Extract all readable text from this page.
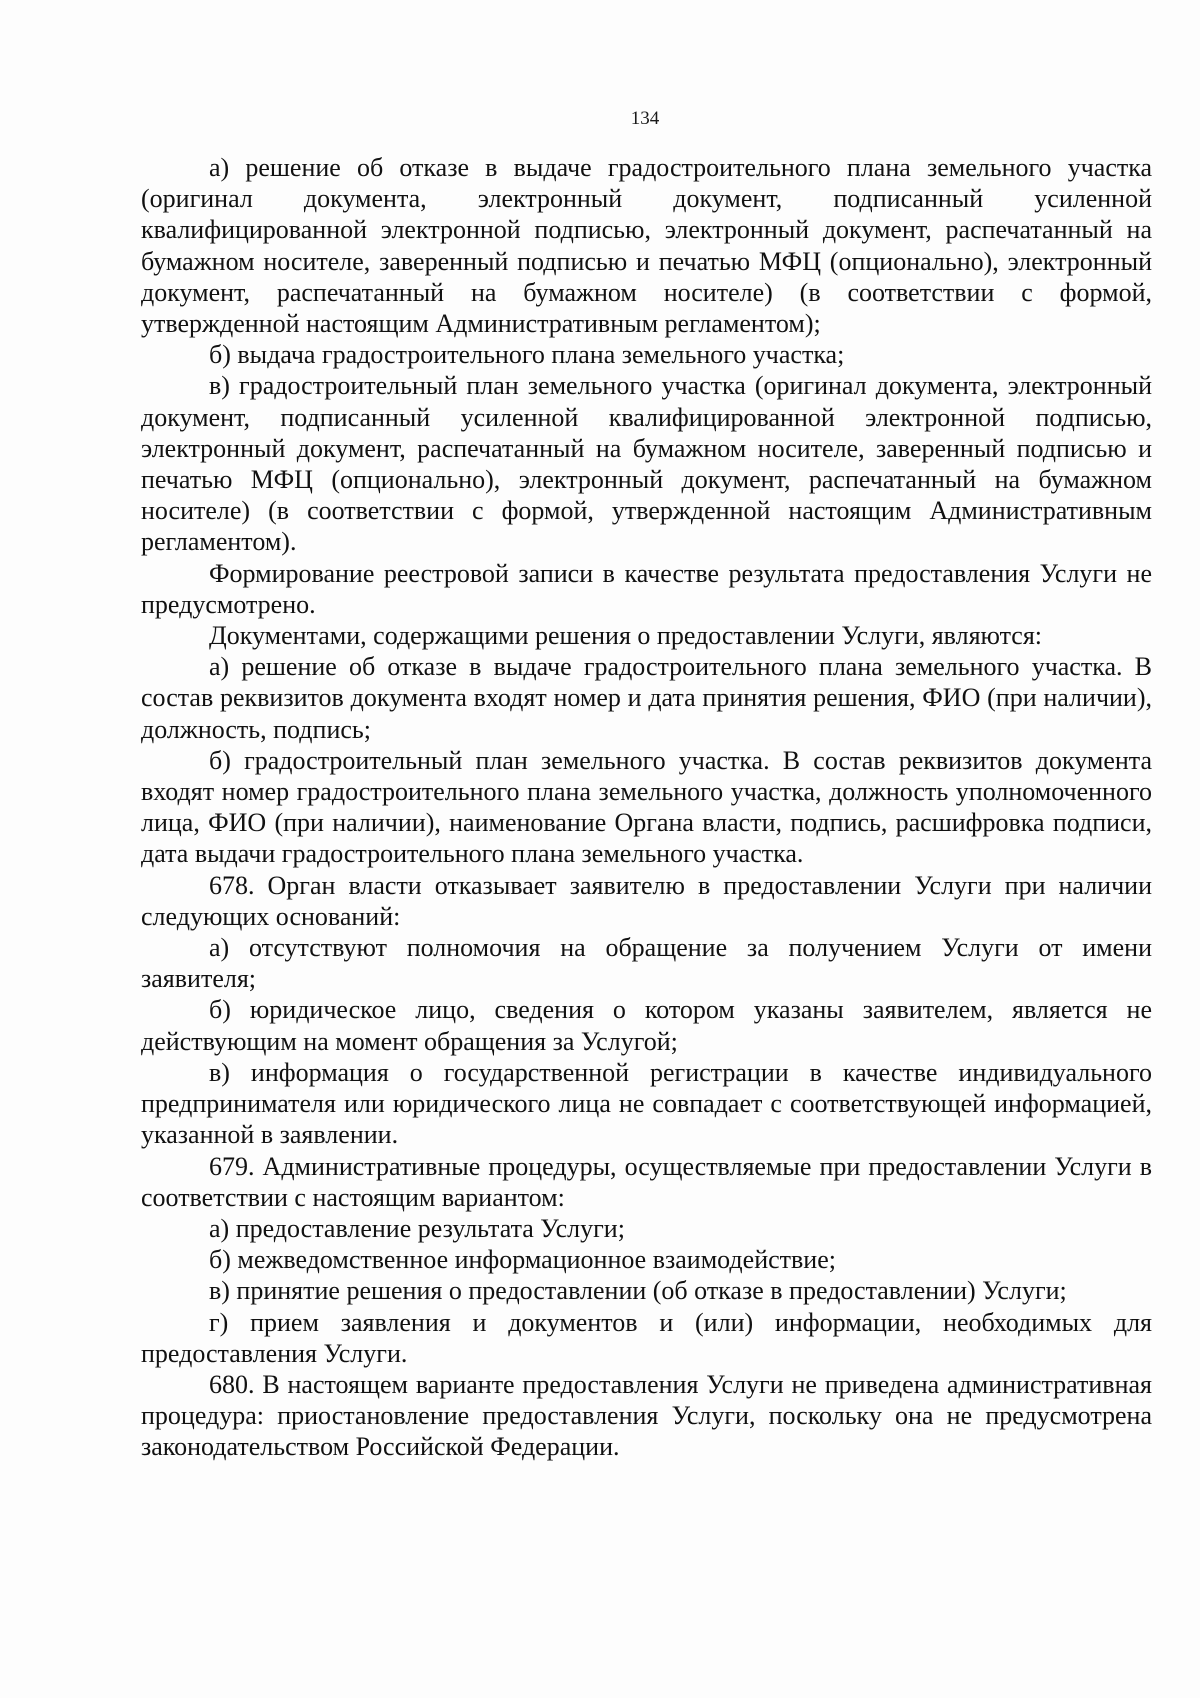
134

а) решение об отказе в выдаче градостроительного плана земельного участка (оригинал документа, электронный документ, подписанный усиленной квалифицированной электронной подписью, электронный документ, распечатанный на бумажном носителе, заверенный подписью и печатью МФЦ (опционально), электронный документ, распечатанный на бумажном носителе) (в соответствии с формой, утвержденной настоящим Административным регламентом);

б) выдача градостроительного плана земельного участка;

в) градостроительный план земельного участка (оригинал документа, электронный документ, подписанный усиленной квалифицированной электронной подписью, электронный документ, распечатанный на бумажном носителе, заверенный подписью и печатью МФЦ (опционально), электронный документ, распечатанный на бумажном носителе) (в соответствии с формой, утвержденной настоящим Административным регламентом).

Формирование реестровой записи в качестве результата предоставления Услуги не предусмотрено.

Документами, содержащими решения о предоставлении Услуги, являются:

а) решение об отказе в выдаче градостроительного плана земельного участка. В состав реквизитов документа входят номер и дата принятия решения, ФИО (при наличии), должность, подпись;

б) градостроительный план земельного участка. В состав реквизитов документа входят номер градостроительного плана земельного участка, должность уполномоченного лица, ФИО (при наличии), наименование Органа власти, подпись, расшифровка подписи, дата выдачи градостроительного плана земельного участка.

678. Орган власти отказывает заявителю в предоставлении Услуги при наличии следующих оснований:

а) отсутствуют полномочия на обращение за получением Услуги от имени заявителя;

б) юридическое лицо, сведения о котором указаны заявителем, является не действующим на момент обращения за Услугой;

в) информация о государственной регистрации в качестве индивидуального предпринимателя или юридического лица не совпадает с соответствующей информацией, указанной в заявлении.

679. Административные процедуры, осуществляемые при предоставлении Услуги в соответствии с настоящим вариантом:

а) предоставление результата Услуги;

б) межведомственное информационное взаимодействие;

в) принятие решения о предоставлении (об отказе в предоставлении) Услуги;

г) прием заявления и документов и (или) информации, необходимых для предоставления Услуги.

680. В настоящем варианте предоставления Услуги не приведена административная процедура: приостановление предоставления Услуги, поскольку она не предусмотрена законодательством Российской Федерации.
